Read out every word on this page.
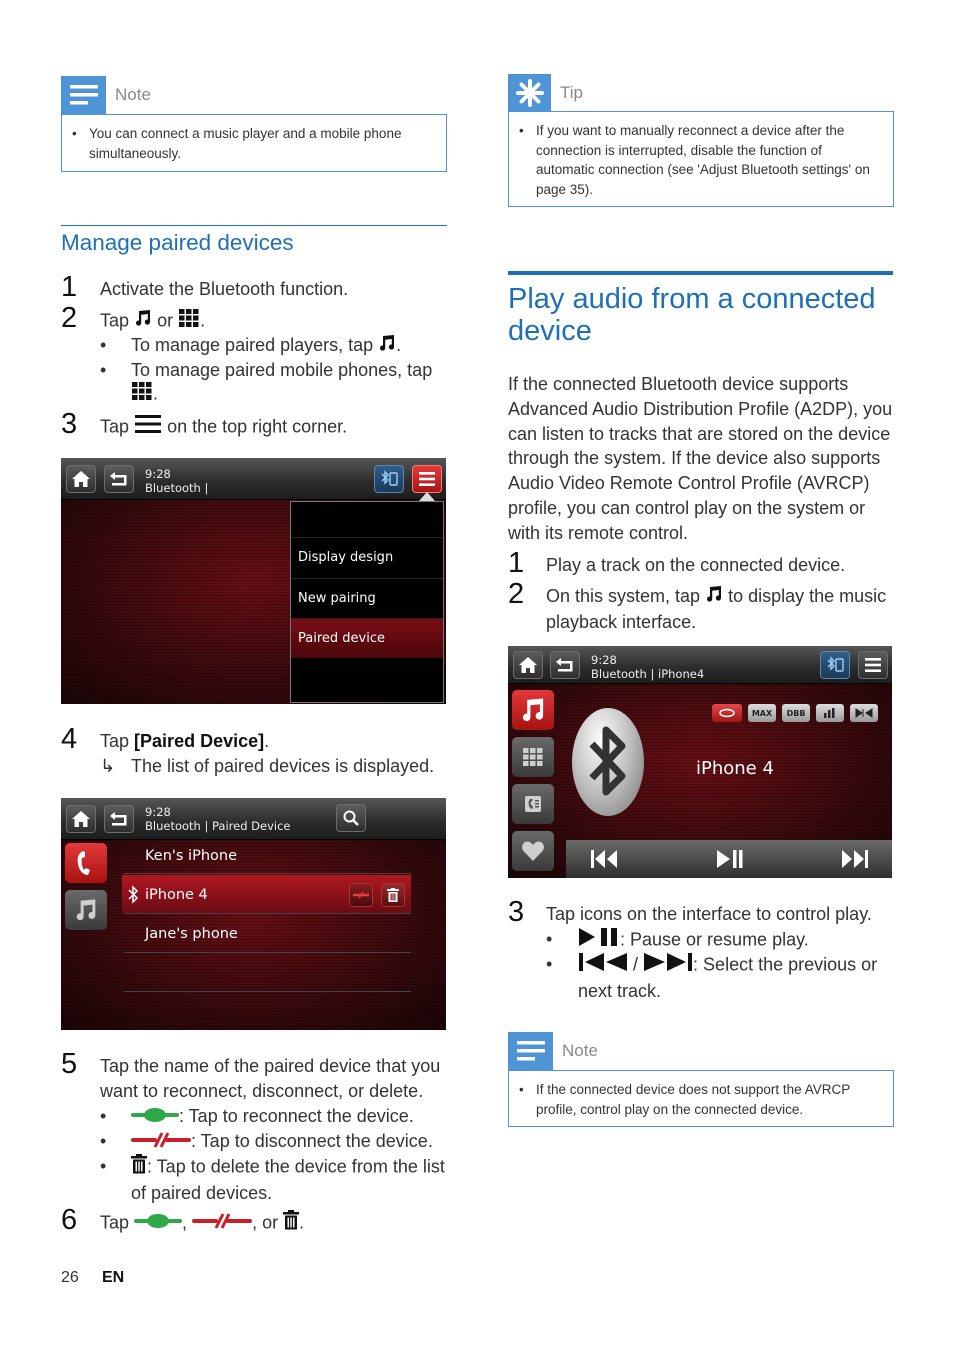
Note
• You can connect a music player and a mobile phone simultaneously.
Manage paired devices
1 Activate the Bluetooth function.
2 Tap or .
• To manage paired players, tap .
• To manage paired mobile phones, tap
.
3 Tap on the top right corner.
9:28
Bluetooth |
Display design
New pairing
Paired device
4 Tap [Paired Device].
↳ The list of paired devices is displayed.
9:28
Bluetooth | Paired Device
Ken's iPhone
iPhone 4
Jane's phone
5 Tap the name of the paired device that you want to reconnect, disconnect, or delete.
•	: Tap to reconnect the device.
•	: Tap to disconnect the device.
•	: Tap to delete the device from the list of paired devices.
6 Tap	,	, or .
26 EN
Tip
• If you want to manually reconnect a device after the connection is interrupted, disable the function of automatic connection (see 'Adjust Bluetooth settings' on page 35).
Play audio from a connected device
If the connected Bluetooth device supports Advanced Audio Distribution Profile (A2DP), you can listen to tracks that are stored on the device through the system. If the device also supports Audio Video Remote Control Profile (AVRCP) profile, you can control play on the system or with its remote control.
1 Play a track on the connected device.
2 On this system, tap to display the music playback interface.
9:28
Bluetooth | iPhone4
MAX	DBB
iPhone 4
3 Tap icons on the interface to control play.
•	: Pause or resume play.
•	/	: Select the previous or next track.
Note
• If the connected device does not support the AVRCP profile, control play on the connected device.
